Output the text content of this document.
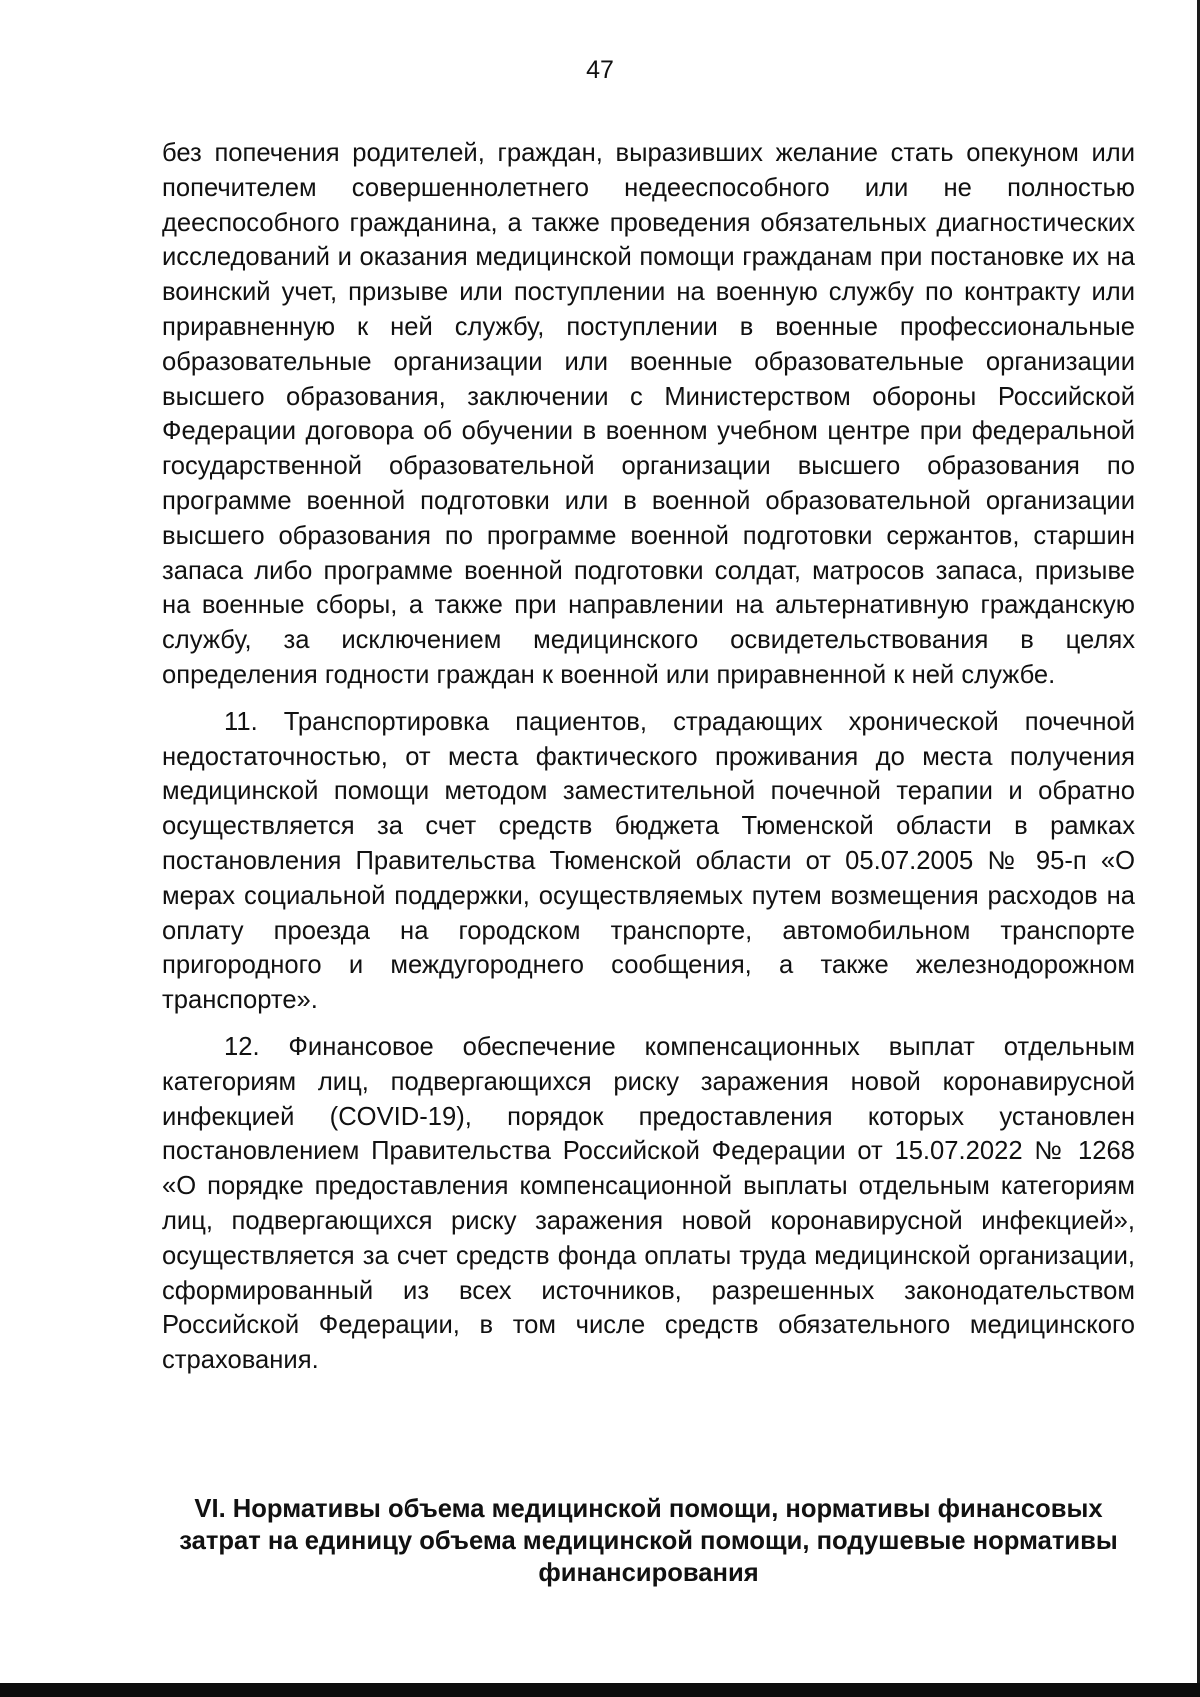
47

без попечения родителей, граждан, выразивших желание стать опекуном или попечителем совершеннолетнего недееспособного или не полностью дееспособного гражданина, а также проведения обязательных диагностических исследований и оказания медицинской помощи гражданам при постановке их на воинский учет, призыве или поступлении на военную службу по контракту или приравненную к ней службу, поступлении в военные профессиональные образовательные организации или военные образовательные организации высшего образования, заключении с Министерством обороны Российской Федерации договора об обучении в военном учебном центре при федеральной государственной образовательной организации высшего образования по программе военной подготовки или в военной образовательной организации высшего образования по программе военной подготовки сержантов, старшин запаса либо программе военной подготовки солдат, матросов запаса, призыве на военные сборы, а также при направлении на альтернативную гражданскую службу, за исключением медицинского освидетельствования в целях определения годности граждан к военной или приравненной к ней службе.

11. Транспортировка пациентов, страдающих хронической почечной недостаточностью, от места фактического проживания до места получения медицинской помощи методом заместительной почечной терапии и обратно осуществляется за счет средств бюджета Тюменской области в рамках постановления Правительства Тюменской области от 05.07.2005 № 95-п «О мерах социальной поддержки, осуществляемых путем возмещения расходов на оплату проезда на городском транспорте, автомобильном транспорте пригородного и междугороднего сообщения, а также железнодорожном транспорте».

12. Финансовое обеспечение компенсационных выплат отдельным категориям лиц, подвергающихся риску заражения новой коронавирусной инфекцией (COVID-19), порядок предоставления которых установлен постановлением Правительства Российской Федерации от 15.07.2022 № 1268 «О порядке предоставления компенсационной выплаты отдельным категориям лиц, подвергающихся риску заражения новой коронавирусной инфекцией», осуществляется за счет средств фонда оплаты труда медицинской организации, сформированный из всех источников, разрешенных законодательством Российской Федерации, в том числе средств обязательного медицинского страхования.

VI. Нормативы объема медицинской помощи, нормативы финансовых затрат на единицу объема медицинской помощи, подушевые нормативы финансирования
